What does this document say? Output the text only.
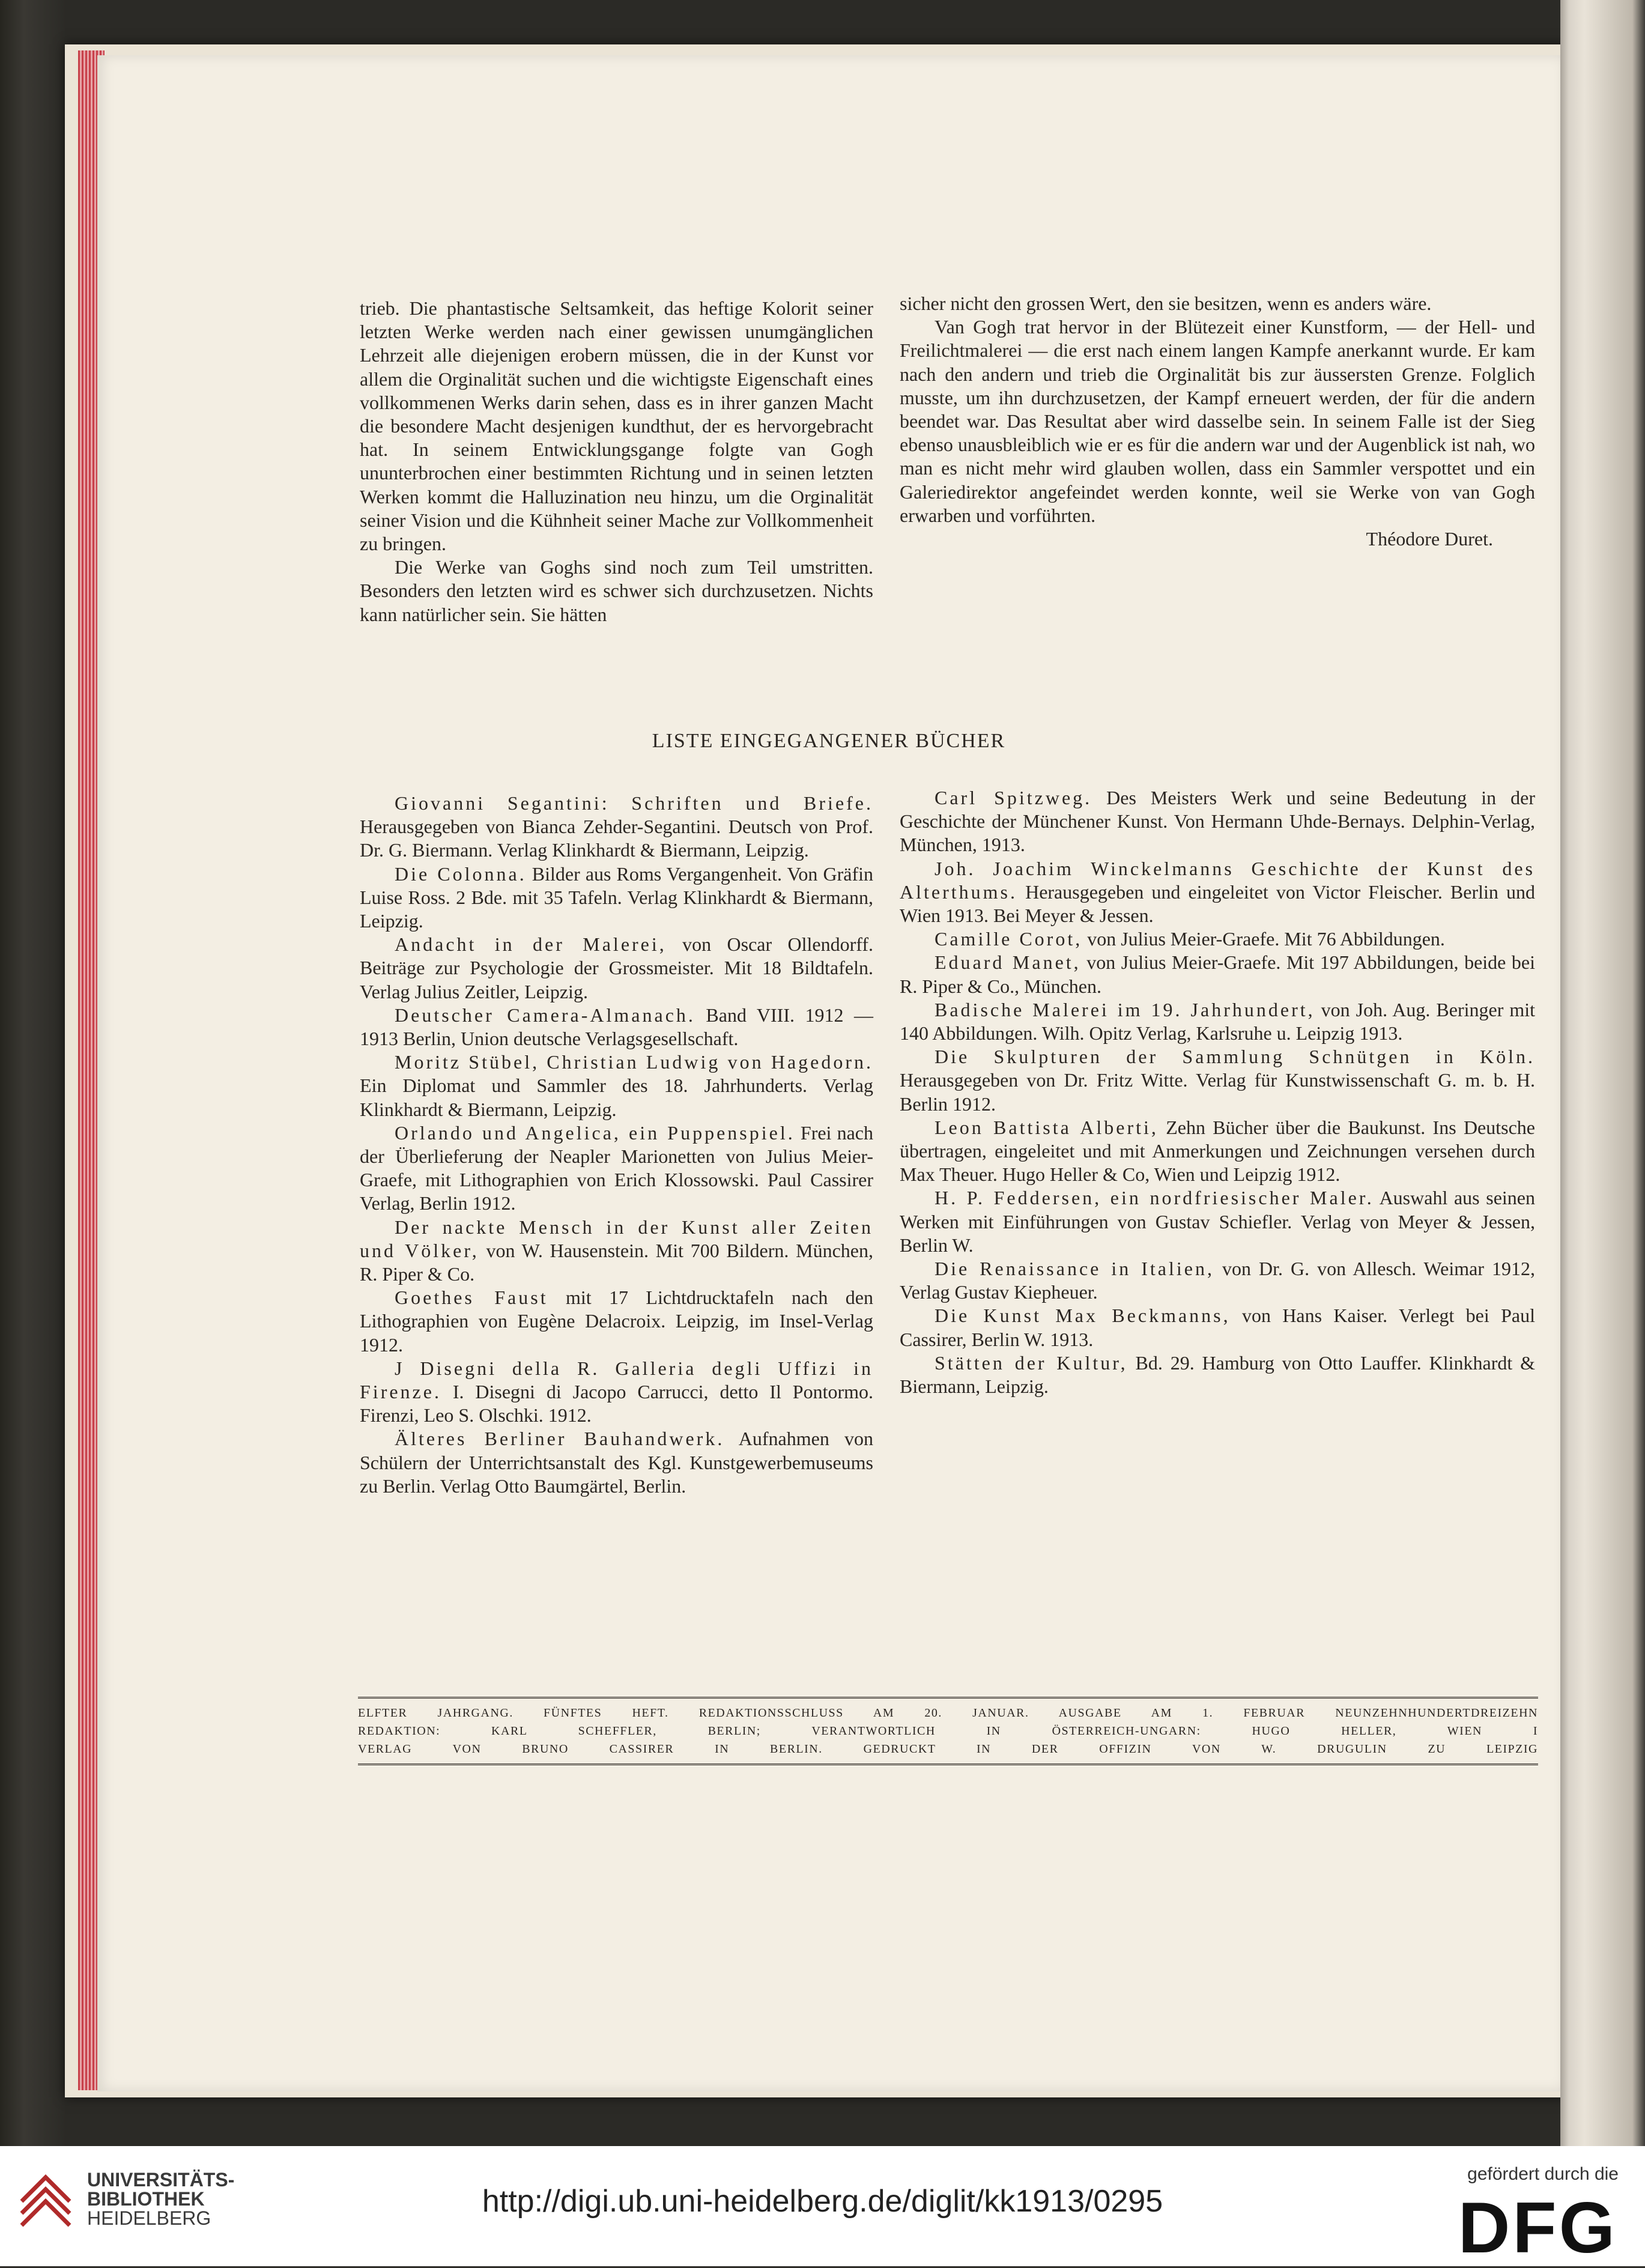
trieb. Die phantastische Seltsamkeit, das heftige Kolorit seiner letzten Werke werden nach einer gewissen unumgänglichen Lehrzeit alle diejenigen erobern müssen, die in der Kunst vor allem die Orginalität suchen und die wichtigste Eigenschaft eines vollkommenen Werks darin sehen, dass es in ihrer ganzen Macht die besondere Macht desjenigen kundthut, der es hervorgebracht hat. In seinem Entwicklungsgange folgte van Gogh ununterbrochen einer bestimmten Richtung und in seinen letzten Werken kommt die Halluzination neu hinzu, um die Orginalität seiner Vision und die Kühnheit seiner Mache zur Vollkommenheit zu bringen.

Die Werke van Goghs sind noch zum Teil umstritten. Besonders den letzten wird es schwer sich durchzusetzen. Nichts kann natürlicher sein. Sie hätten

sicher nicht den grossen Wert, den sie besitzen, wenn es anders wäre.

Van Gogh trat hervor in der Blütezeit einer Kunstform, — der Hell- und Freilichtmalerei — die erst nach einem langen Kampfe anerkannt wurde. Er kam nach den andern und trieb die Orginalität bis zur äussersten Grenze. Folglich musste, um ihn durchzusetzen, der Kampf erneuert werden, der für die andern beendet war. Das Resultat aber wird dasselbe sein. In seinem Falle ist der Sieg ebenso unausbleiblich wie er es für die andern war und der Augenblick ist nah, wo man es nicht mehr wird glauben wollen, dass ein Sammler verspottet und ein Galeriedirektor angefeindet werden konnte, weil sie Werke von van Gogh erwarben und vorführten.

Théodore Duret.
LISTE EINGEGANGENER BÜCHER

Giovanni Segantini: Schriften und Briefe. Herausgegeben von Bianca Zehder-Segantini. Deutsch von Prof. Dr. G. Biermann. Verlag Klinkhardt & Biermann, Leipzig.

Die Colonna. Bilder aus Roms Vergangenheit. Von Gräfin Luise Ross. 2 Bde. mit 35 Tafeln. Verlag Klinkhardt & Biermann, Leipzig.

Andacht in der Malerei, von Oscar Ollendorff. Beiträge zur Psychologie der Grossmeister. Mit 18 Bildtafeln. Verlag Julius Zeitler, Leipzig.

Deutscher Camera-Almanach. Band VIII. 1912 — 1913 Berlin, Union deutsche Verlagsgesellschaft.

Moritz Stübel, Christian Ludwig von Hagedorn. Ein Diplomat und Sammler des 18. Jahrhunderts. Verlag Klinkhardt & Biermann, Leipzig.

Orlando und Angelica, ein Puppenspiel. Frei nach der Überlieferung der Neapler Marionetten von Julius Meier-Graefe, mit Lithographien von Erich Klossowski. Paul Cassirer Verlag, Berlin 1912.

Der nackte Mensch in der Kunst aller Zeiten und Völker, von W. Hausenstein. Mit 700 Bildern. München, R. Piper & Co.

Goethes Faust mit 17 Lichtdrucktafeln nach den Lithographien von Eugène Delacroix. Leipzig, im Insel-Verlag 1912.

J Disegni della R. Galleria degli Uffizi in Firenze. I. Disegni di Jacopo Carrucci, detto Il Pontormo. Firenzi, Leo S. Olschki. 1912.

Älteres Berliner Bauhandwerk. Aufnahmen von Schülern der Unterrichtsanstalt des Kgl. Kunstgewerbemuseums zu Berlin. Verlag Otto Baumgärtel, Berlin.

Carl Spitzweg. Des Meisters Werk und seine Bedeutung in der Geschichte der Münchener Kunst. Von Hermann Uhde-Bernays. Delphin-Verlag, München, 1913.

Joh. Joachim Winckelmanns Geschichte der Kunst des Alterthums. Herausgegeben und eingeleitet von Victor Fleischer. Berlin und Wien 1913. Bei Meyer & Jessen.

Camille Corot, von Julius Meier-Graefe. Mit 76 Abbildungen.

Eduard Manet, von Julius Meier-Graefe. Mit 197 Abbildungen, beide bei R. Piper & Co., München.

Badische Malerei im 19. Jahrhundert, von Joh. Aug. Beringer mit 140 Abbildungen. Wilh. Opitz Verlag, Karlsruhe u. Leipzig 1913.

Die Skulpturen der Sammlung Schnütgen in Köln. Herausgegeben von Dr. Fritz Witte. Verlag für Kunstwissenschaft G. m. b. H. Berlin 1912.

Leon Battista Alberti, Zehn Bücher über die Baukunst. Ins Deutsche übertragen, eingeleitet und mit Anmerkungen und Zeichnungen versehen durch Max Theuer. Hugo Heller & Co, Wien und Leipzig 1912.

H. P. Feddersen, ein nordfriesischer Maler. Auswahl aus seinen Werken mit Einführungen von Gustav Schiefler. Verlag von Meyer & Jessen, Berlin W.

Die Renaissance in Italien, von Dr. G. von Allesch. Weimar 1912, Verlag Gustav Kiepheuer.

Die Kunst Max Beckmanns, von Hans Kaiser. Verlegt bei Paul Cassirer, Berlin W. 1913.

Stätten der Kultur, Bd. 29. Hamburg von Otto Lauffer. Klinkhardt & Biermann, Leipzig.

ELFTER JAHRGANG. FÜNFTES HEFT. REDAKTIONSSCHLUSS AM 20. JANUAR. AUSGABE AM 1. FEBRUAR NEUNZEHNHUNDERTDREIZEHN
REDAKTION: KARL SCHEFFLER, BERLIN; VERANTWORTLICH IN ÖSTERREICH-UNGARN: HUGO HELLER, WIEN I
VERLAG VON BRUNO CASSIRER IN BERLIN. GEDRUCKT IN DER OFFIZIN VON W. DRUGULIN ZU LEIPZIG
UNIVERSITÄTS-
BIBLIOTHEK
HEIDELBERG	http://digi.ub.uni-heidelberg.de/diglit/kk1913/0295
gefördert durch die
DFG
